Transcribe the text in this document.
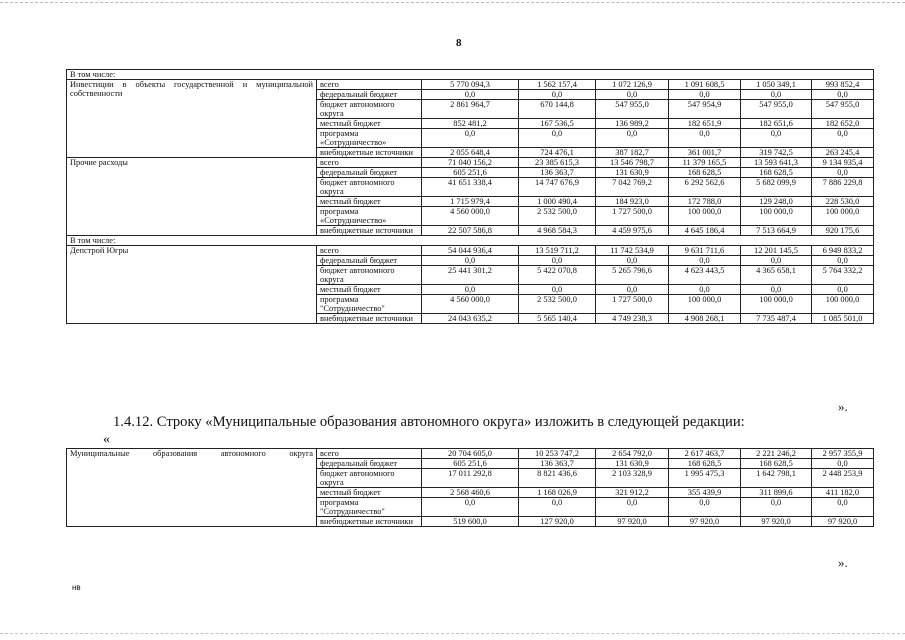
8
В том числе:							
Инвестиции в объекты государственной и муниципальной собственности	всего	5 770 094,3	1 562 157,4	1 072 126,9	1 091 608,5	1 050 349,1	993 852,4
	федеральный бюджет	0,0	0,0	0,0	0,0	0,0	0,0
	бюджет автономного округа	2 861 964,7	670 144,8	547 955,0	547 954,9	547 955,0	547 955,0
	местный бюджет	852 481,2	167 536,5	136 989,2	182 651,9	182 651,6	182 652,0
	программа «Сотрудничество»	0,0	0,0	0,0	0,0	0,0	0,0
	внебюджетные источники	2 055 648,4	724 476,1	387 182,7	361 001,7	319 742,5	263 245,4
Прочие расходы	всего	71 040 156,2	23 385 615,3	13 546 798,7	11 379 165,5	13 593 641,3	9 134 935,4
	федеральный бюджет	605 251,6	136 363,7	131 630,9	168 628,5	168 628,5	0,0
	бюджет автономного округа	41 651 338,4	14 747 676,9	7 042 769,2	6 292 562,6	5 682 099,9	7 886 229,8
	местный бюджет	1 715 979,4	1 000 490,4	184 923,0	172 788,0	129 248,0	228 530,0
	программа «Сотрудничество»	4 560 000,0	2 532 500,0	1 727 500,0	100 000,0	100 000,0	100 000,0
	внебюджетные источники	22 507 586,8	4 968 584,3	4 459 975,6	4 645 186,4	7 513 664,9	920 175,6
В том числе:							
Депстрой Югры	всего	54 044 936,4	13 519 711,2	11 742 534,9	9 631 711,6	12 201 145,5	6 949 833,2
	федеральный бюджет	0,0	0,0	0,0	0,0	0,0	0,0
	бюджет автономного округа	25 441 301,2	5 422 070,8	5 265 796,6	4 623 443,5	4 365 658,1	5 764 332,2
	местный бюджет	0,0	0,0	0,0	0,0	0,0	0,0
	программа "Сотрудничество"	4 560 000,0	2 532 500,0	1 727 500,0	100 000,0	100 000,0	100 000,0
	внебюджетные источники	24 043 635,2	5 565 140,4	4 749 238,3	4 908 268,1	7 735 487,4	1 085 501,0
».
1.4.12. Строку «Муниципальные образования автономного округа» изложить в следующей редакции:
«
Муниципальные образования автономного округа	всего	20 704 605,0	10 253 747,2	2 654 792,0	2 617 463,7	2 221 246,2	2 957 355,9
	федеральный бюджет	605 251,6	136 363,7	131 630,9	168 628,5	168 628,5	0,0
	бюджет автономного округа	17 011 292,8	8 821 436,6	2 103 328,9	1 995 475,3	1 642 798,1	2 448 253,9
	местный бюджет	2 568 460,6	1 168 026,9	321 912,2	355 439,9	311 899,6	411 182,0
	программа "Сотрудничество"	0,0	0,0	0,0	0,0	0,0	0,0
	внебюджетные источники	519 600,0	127 920,0	97 920,0	97 920,0	97 920,0	97 920,0
».
нв
